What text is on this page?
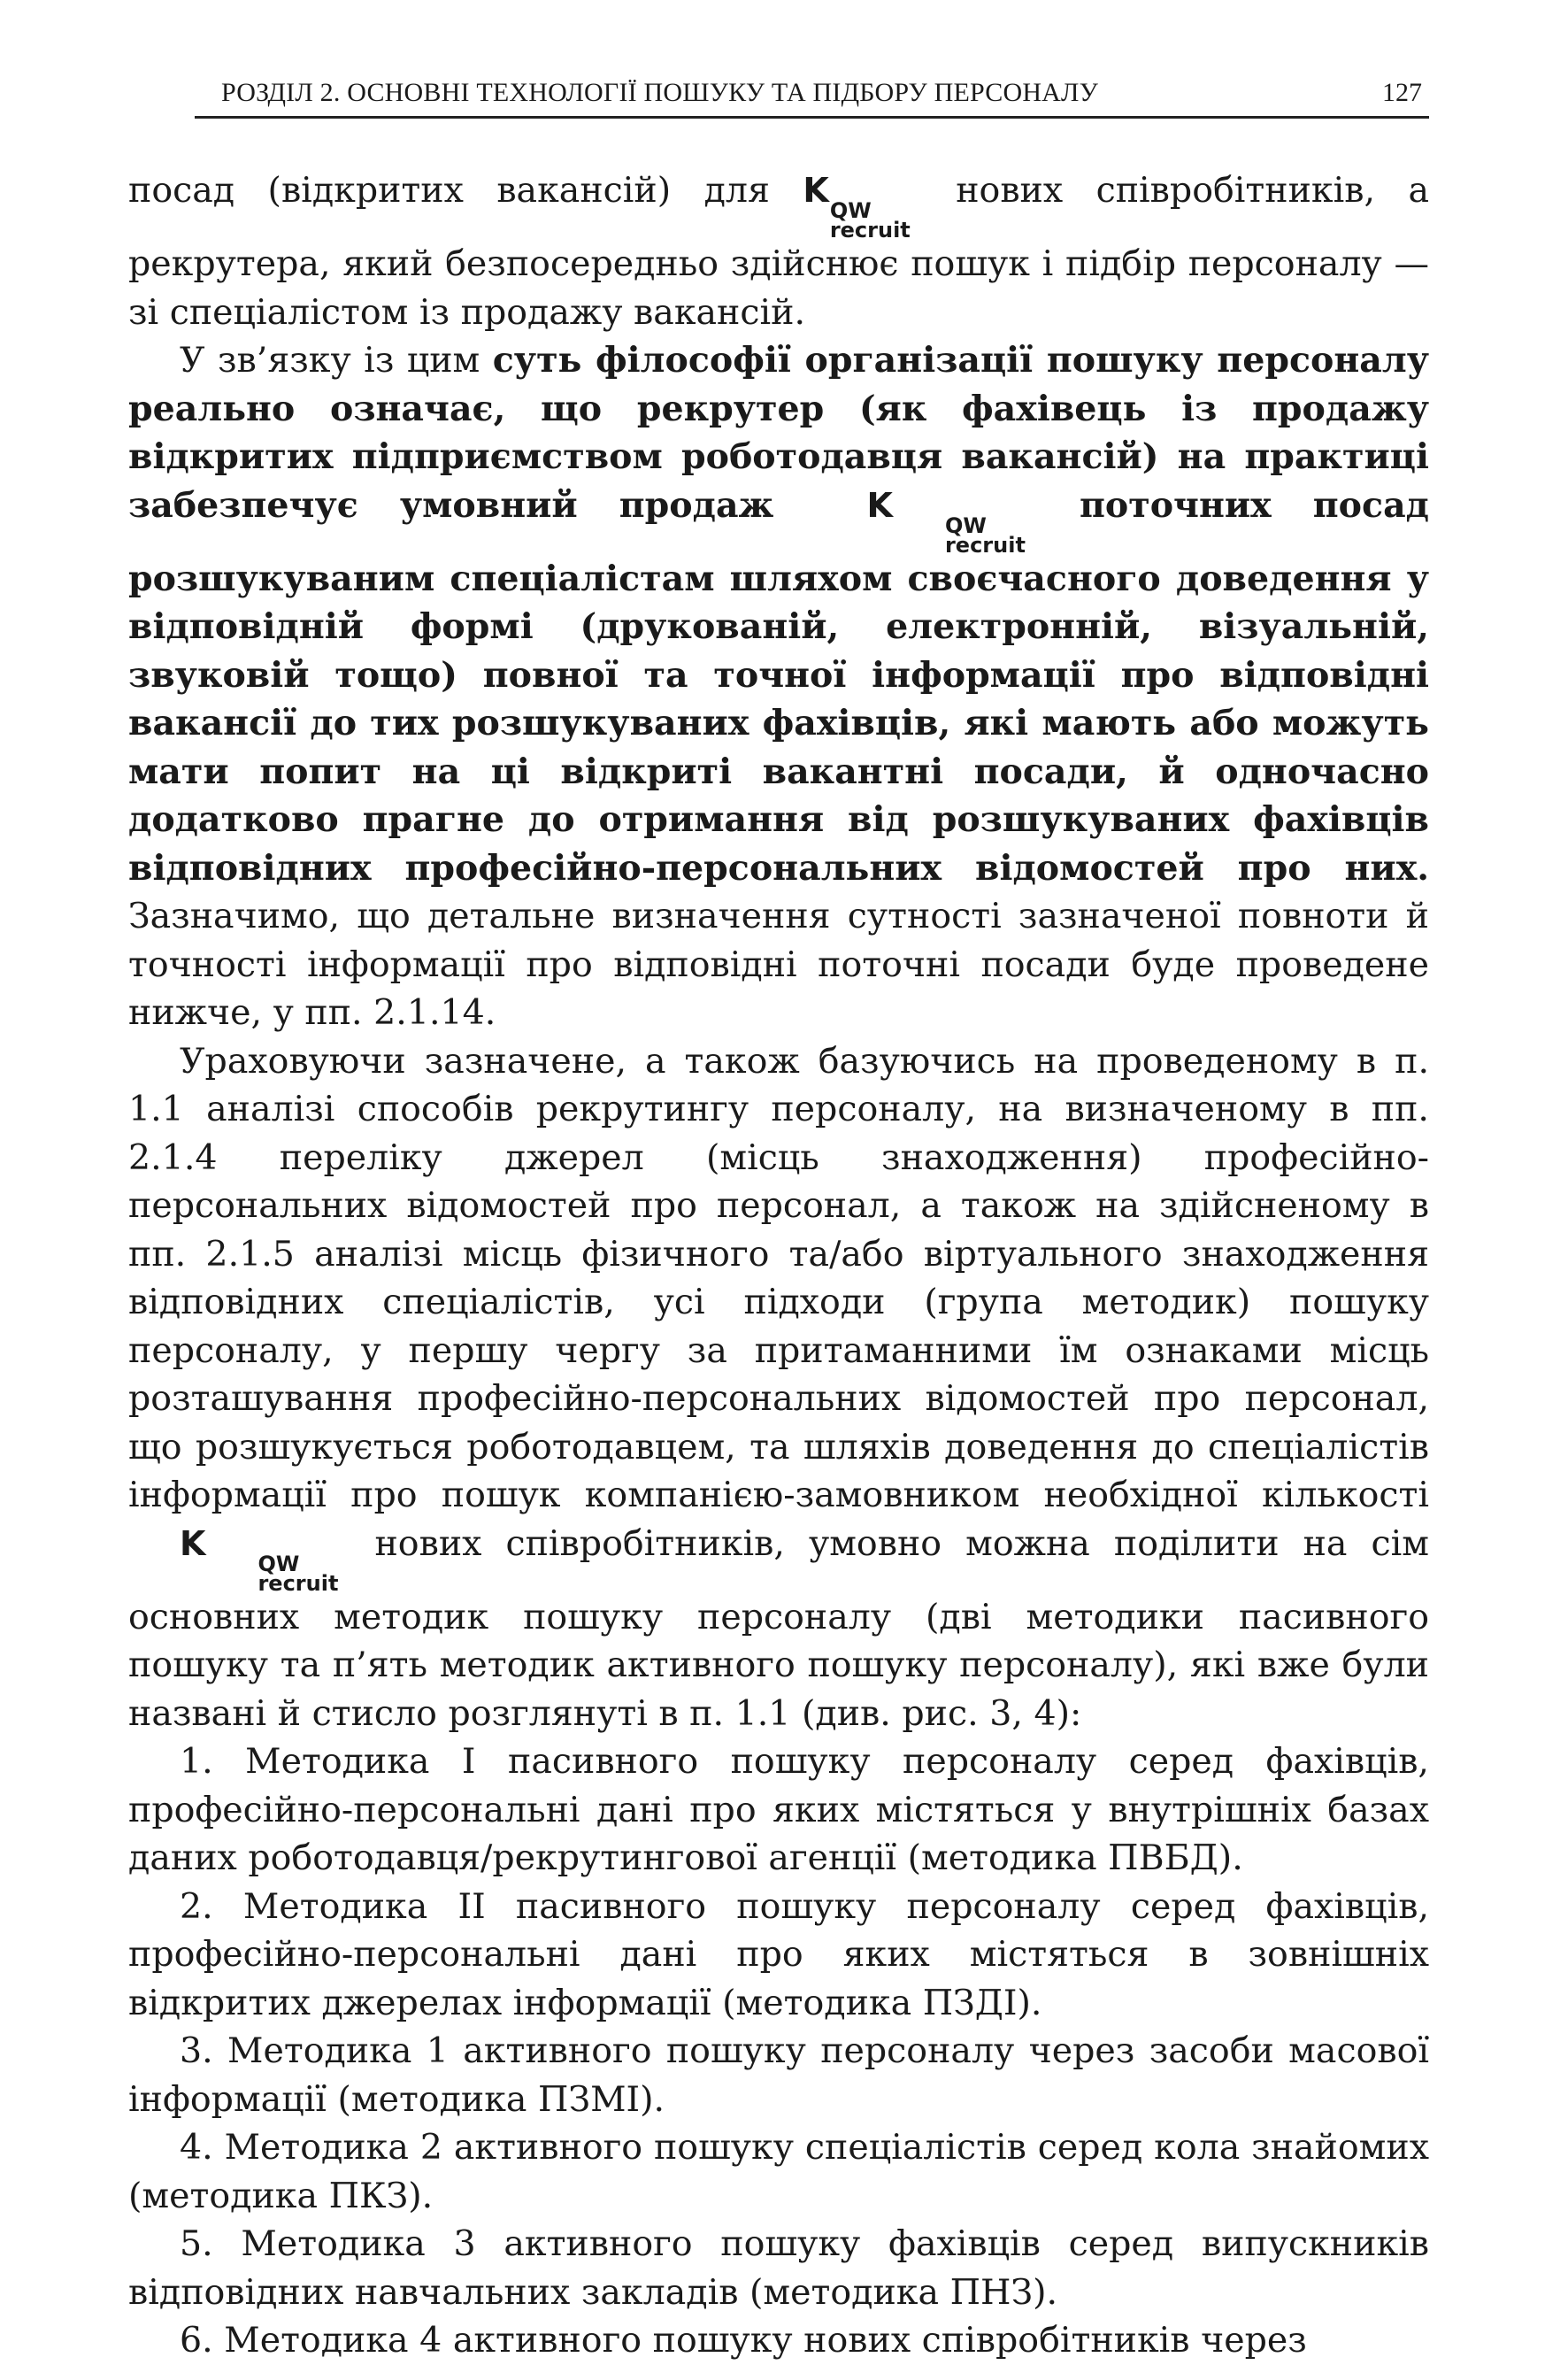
РОЗДІЛ 2. ОСНОВНІ ТЕХНОЛОГІЇ ПОШУКУ ТА ПІДБОРУ ПЕРСОНАЛУ	127

посад (відкритих вакансій) для K
QW
recruit
нових співробітників, а рекрутера, який безпосередньо здійснює пошук і підбір персоналу — зі спеціалістом із продажу вакансій.

У зв’язку із цим суть філософії організації пошуку персоналу реально означає, що рекрутер (як фахівець із продажу відкритих підприємством роботодавця вакансій) на практиці забезпечує умовний продаж K
QW
recruit
поточних посад розшукуваним спеціалістам шляхом своєчасного доведення у відповідній формі (друкованій, електронній, візуальній, звуковій тощо) повної та точної інформації про відповідні вакансії до тих розшукуваних фахівців, які мають або можуть мати попит на ці відкриті вакантні посади, й одночасно додатково прагне до отримання від розшукуваних фахівців відповідних професійно-персональних відомостей про них. Зазначимо, що детальне визначення сутності зазначеної повноти й точності інформації про відповідні поточні посади буде проведене нижче, у пп. 2.1.14.

Ураховуючи зазначене, а також базуючись на проведеному в п. 1.1 аналізі способів рекрутингу персоналу, на визначеному в пп. 2.1.4 переліку джерел (місць знаходження) професійно-персональних відомостей про персонал, а також на здійсненому в пп. 2.1.5 аналізі місць фізичного та/або віртуального знаходження відповідних спеціалістів, усі підходи (група методик) пошуку персоналу, у першу чергу за притаманними їм ознаками місць розташування професійно-персональних відомостей про персонал, що розшукується роботодавцем, та шляхів доведення до спеціалістів інформації про пошук компанією-замовником необхідної кількості K
QW
recruit
нових співробітників, умовно можна поділити на сім основних методик пошуку персоналу (дві методики пасивного пошуку та п’ять методик активного пошуку персоналу), які вже були названі й стисло розглянуті в п. 1.1 (див. рис. 3, 4):

1. Методика І пасивного пошуку персоналу серед фахівців, професійно-персональні дані про яких містяться у внутрішніх базах даних роботодавця/рекрутингової агенції (методика ПВБД).

2. Методика ІІ пасивного пошуку персоналу серед фахівців, професійно-персональні дані про яких містяться в зовнішніх відкритих джерелах інформації (методика ПЗДІ).

3. Методика 1 активного пошуку персоналу через засоби масової інформації (методика ПЗМІ).

4. Методика 2 активного пошуку спеціалістів серед кола знайомих (методика ПКЗ).

5. Методика 3 активного пошуку фахівців серед випускників відповідних навчальних закладів (методика ПНЗ).

6. Методика 4 активного пошуку нових співробітників через
